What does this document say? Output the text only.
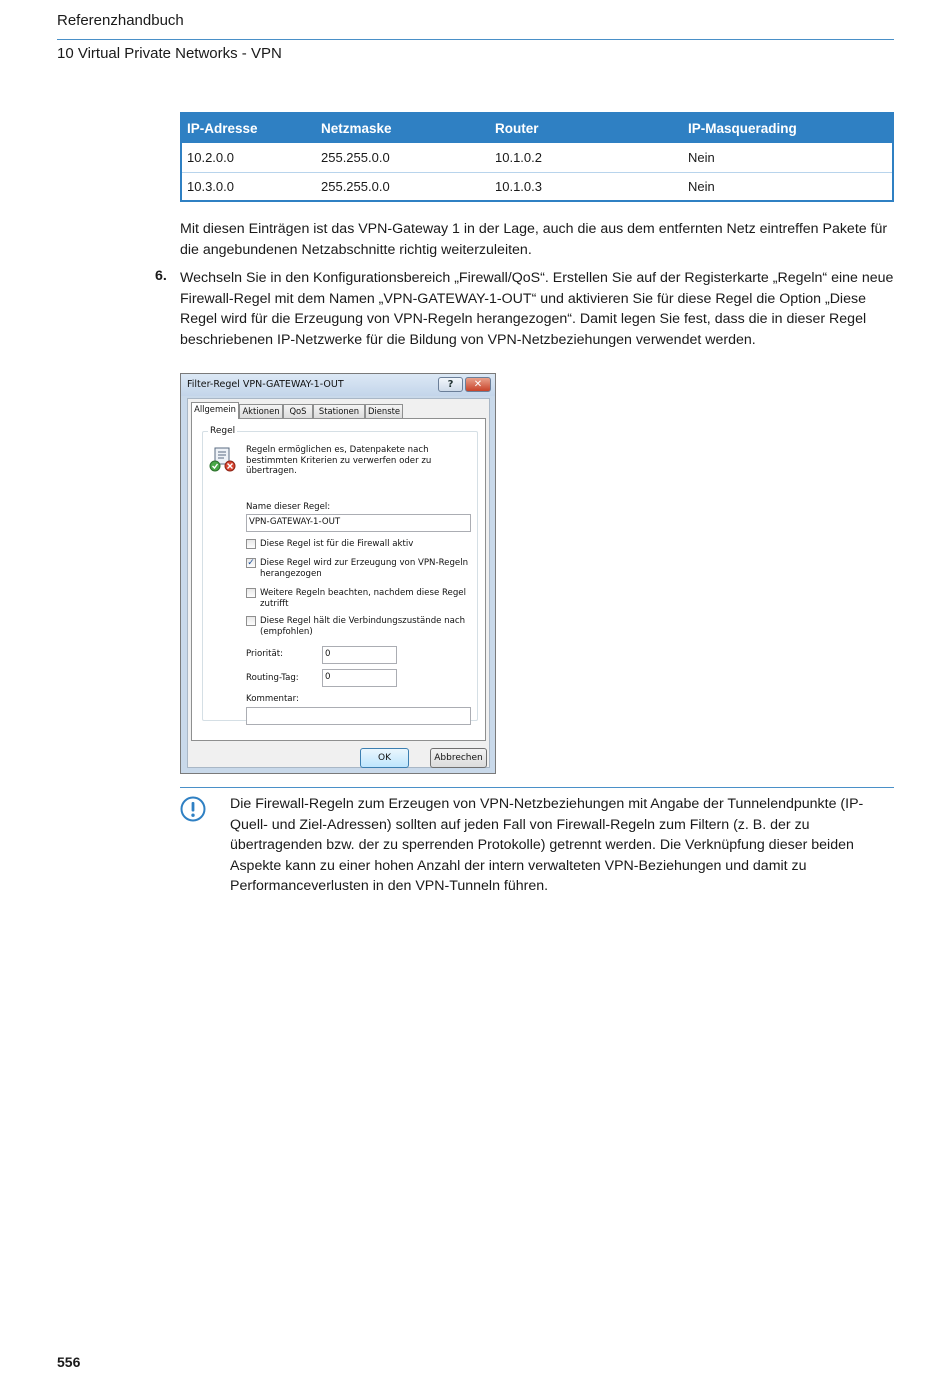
Referenzhandbuch
10 Virtual Private Networks - VPN
IP-Adresse	Netzmaske	Router	IP-Masquerading
10.2.0.0	255.255.0.0	10.1.0.2	Nein
10.3.0.0	255.255.0.0	10.1.0.3	Nein

Mit diesen Einträgen ist das VPN-Gateway 1 in der Lage, auch die aus dem entfernten Netz eintreffen Pakete für die angebundenen Netzabschnitte richtig weiterzuleiten.

6. Wechseln Sie in den Konfigurationsbereich „Firewall/QoS“. Erstellen Sie auf der Registerkarte „Regeln“ eine neue Firewall-Regel mit dem Namen „VPN-GATEWAY-1-OUT“ und aktivieren Sie für diese Regel die Option „Diese Regel wird für die Erzeugung von VPN-Regeln herangezogen“. Damit legen Sie fest, dass die in dieser Regel beschriebenen IP-Netzwerke für die Bildung von VPN-Netzbeziehungen verwendet werden.

Filter-Regel VPN-GATEWAY-1-OUT	?	✕
Allgemein Aktionen	QoS	Stationen	Dienste
Regel
Regeln ermöglichen es, Datenpakete nach bestimmten Kriterien zu verwerfen oder zu übertragen.
Name dieser Regel:
VPN-GATEWAY-1-OUT
Diese Regel ist für die Firewall aktiv
✓ Diese Regel wird zur Erzeugung von VPN-Regeln herangezogen
Weitere Regeln beachten, nachdem diese Regel zutrifft
Diese Regel hält die Verbindungszustände nach (empfohlen)
Priorität:	0
Routing-Tag:	0
Kommentar:
OK	Abbrechen

Die Firewall-Regeln zum Erzeugen von VPN-Netzbeziehungen mit Angabe der Tunnelendpunkte (IP-Quell- und Ziel-Adressen) sollten auf jeden Fall von Firewall-Regeln zum Filtern (z. B. der zu übertragenden bzw. der zu sperrenden Protokolle) getrennt werden. Die Verknüpfung dieser beiden Aspekte kann zu einer hohen Anzahl der intern verwalteten VPN-Beziehungen und damit zu Performanceverlusten in den VPN-Tunneln führen.

556
